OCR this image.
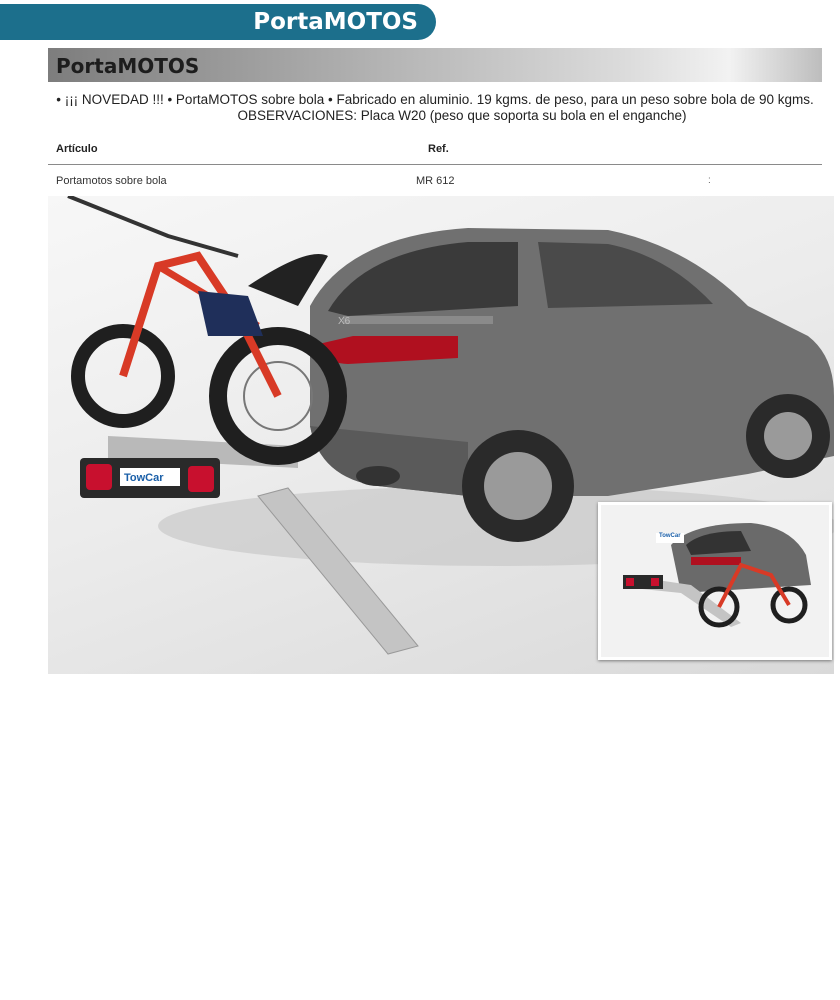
PortaMOTOS
PortaMOTOS
• ¡¡¡ NOVEDAD !!! • PortaMOTOS sobre bola • Fabricado en aluminio. 19 kgms. de peso, para un peso sobre bola de 90 kgms.
OBSERVACIONES: Placa W20 (peso que soporta su bola en el enganche)
Artículo	Ref.
Portamotos sobre bola	MR 612	:
X6
TowCar
TowCar
